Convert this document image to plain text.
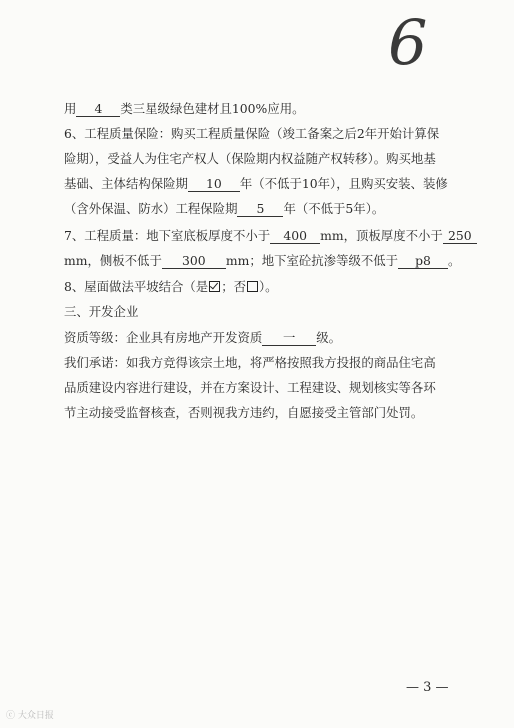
6
用 4 类三星级绿色建材且100%应用。
6、工程质量保险：购买工程质量保险（竣工备案之后2年开始计算保
险期），受益人为住宅产权人（保险期内权益随产权转移）。购买地基
基础、主体结构保险期 10 年（不低于10年），且购买安装、装修
（含外保温、防水）工程保险期 5 年（不低于5年）。
7、工程质量：地下室底板厚度不小于 400 mm，顶板厚度不小于 250
mm，侧板不低于 300 mm；地下室砼抗渗等级不低于 p8 。
8、屋面做法平坡结合（是 ；否 ）。
三、开发企业
资质等级：企业具有房地产开发资质 一 级。
我们承诺：如我方竞得该宗土地，将严格按照我方投报的商品住宅高
品质建设内容进行建设，并在方案设计、工程建设、规划核实等各环
节主动接受监督核查，否则视我方违约，自愿接受主管部门处罚。
— 3 —
ⓒ 大众日报
